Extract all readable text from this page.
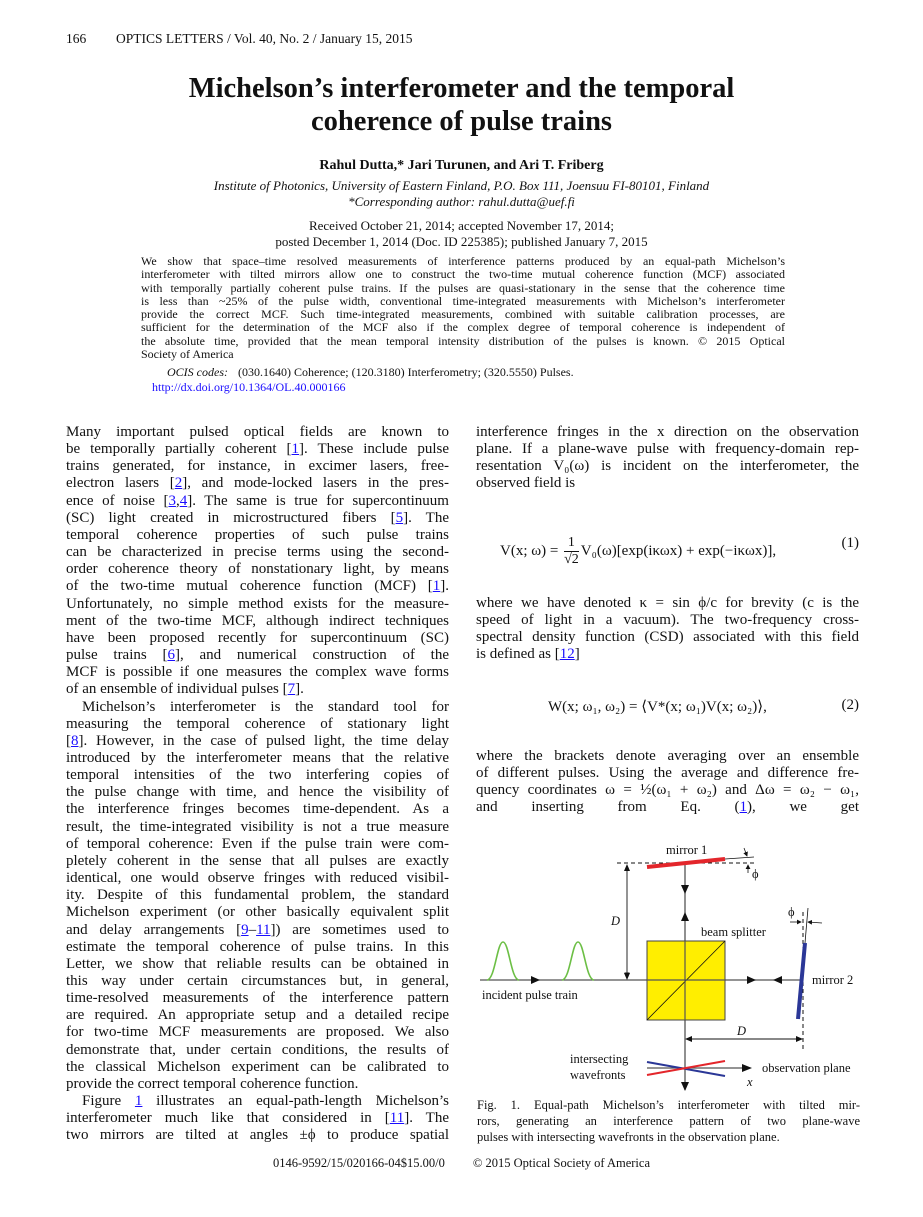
166 OPTICS LETTERS / Vol. 40, No. 2 / January 15, 2015
Michelson’s interferometer and the temporal
coherence of pulse trains
Rahul Dutta,* Jari Turunen, and Ari T. Friberg
Institute of Photonics, University of Eastern Finland, P.O. Box 111, Joensuu FI-80101, Finland
*Corresponding author: rahul.dutta@uef.fi
Received October 21, 2014; accepted November 17, 2014;
posted December 1, 2014 (Doc. ID 225385); published January 7, 2015
We show that space–time resolved measurements of interference patterns produced by an equal-path Michelson’s
interferometer with tilted mirrors allow one to construct the two-time mutual coherence function (MCF) associated
with temporally partially coherent pulse trains. If the pulses are quasi-stationary in the sense that the coherence time
is less than ~25% of the pulse width, conventional time-integrated measurements with Michelson’s interferometer
provide the correct MCF. Such time-integrated measurements, combined with suitable calibration processes, are
sufficient for the determination of the MCF also if the complex degree of temporal coherence is independent of
the absolute time, provided that the mean temporal intensity distribution of the pulses is known. © 2015 Optical
Society of America
OCIS codes: (030.1640) Coherence; (120.3180) Interferometry; (320.5550) Pulses.
http://dx.doi.org/10.1364/OL.40.000166
Many important pulsed optical fields are known to
be temporally partially coherent [1]. These include pulse
trains generated, for instance, in excimer lasers, free-
electron lasers [2], and mode-locked lasers in the pres-
ence of noise [3,4]. The same is true for supercontinuum
(SC) light created in microstructured fibers [5]. The
temporal coherence properties of such pulse trains
can be characterized in precise terms using the second-
order coherence theory of nonstationary light, by means
of the two-time mutual coherence function (MCF) [1].
Unfortunately, no simple method exists for the measure-
ment of the two-time MCF, although indirect techniques
have been proposed recently for supercontinuum (SC)
pulse trains [6], and numerical construction of the
MCF is possible if one measures the complex wave forms
of an ensemble of individual pulses [7].
Michelson’s interferometer is the standard tool for
measuring the temporal coherence of stationary light
[8]. However, in the case of pulsed light, the time delay
introduced by the interferometer means that the relative
temporal intensities of the two interfering copies of
the pulse change with time, and hence the visibility of
the interference fringes becomes time-dependent. As a
result, the time-integrated visibility is not a true measure
of temporal coherence: Even if the pulse train were com-
pletely coherent in the sense that all pulses are exactly
identical, one would observe fringes with reduced visibil-
ity. Despite of this fundamental problem, the standard
Michelson experiment (or other basically equivalent split
and delay arrangements [9–11]) are sometimes used to
estimate the temporal coherence of pulse trains. In this
Letter, we show that reliable results can be obtained in
this way under certain circumstances but, in general,
time-resolved measurements of the interference pattern
are required. An appropriate setup and a detailed recipe
for two-time MCF measurements are proposed. We also
demonstrate that, under certain conditions, the results of
the classical Michelson experiment can be calibrated to
provide the correct temporal coherence function.
Figure 1 illustrates an equal-path-length Michelson’s
interferometer much like that considered in [11]. The
two mirrors are tilted at angles ±ϕ to produce spatial
interference fringes in the x direction on the observation
plane. If a plane-wave pulse with frequency-domain rep-
resentation V₀(ω) is incident on the interferometer, the
observed field is
V(x; $\omega) = \frac{1}{√2} V_0(\omega)[\exp(i\kappa\omega x) + \exp(-i\kappa\omega x)]$,	(1)
where we have denoted κ = sin ϕ/c for brevity (c is the
speed of light in a vacuum). The two-frequency cross-
spectral density function (CSD) associated with this field
is defined as [12]
W(x; ω₁, ω₂) = ⟨V*(x; ω₁)V(x; ω₂)⟩,	(2)
where the brackets denote averaging over an ensemble
of different pulses. Using the average and difference fre-
quency coordinates ω = ½(ω₁ + ω₂) and Δω = ω₂ − ω₁,
and inserting from Eq. (1), we get
mirror 1
ϕ
ϕ
D
beam splitter
mirror 2
incident pulse train
D
intersecting
wavefronts	observation plane
x
Fig. 1. Equal-path Michelson’s interferometer with tilted mir-
rors, generating an interference pattern of two plane-wave
pulses with intersecting wavefronts in the observation plane.
0146-9592/15/020166-04$15.00/0 © 2015 Optical Society of America
